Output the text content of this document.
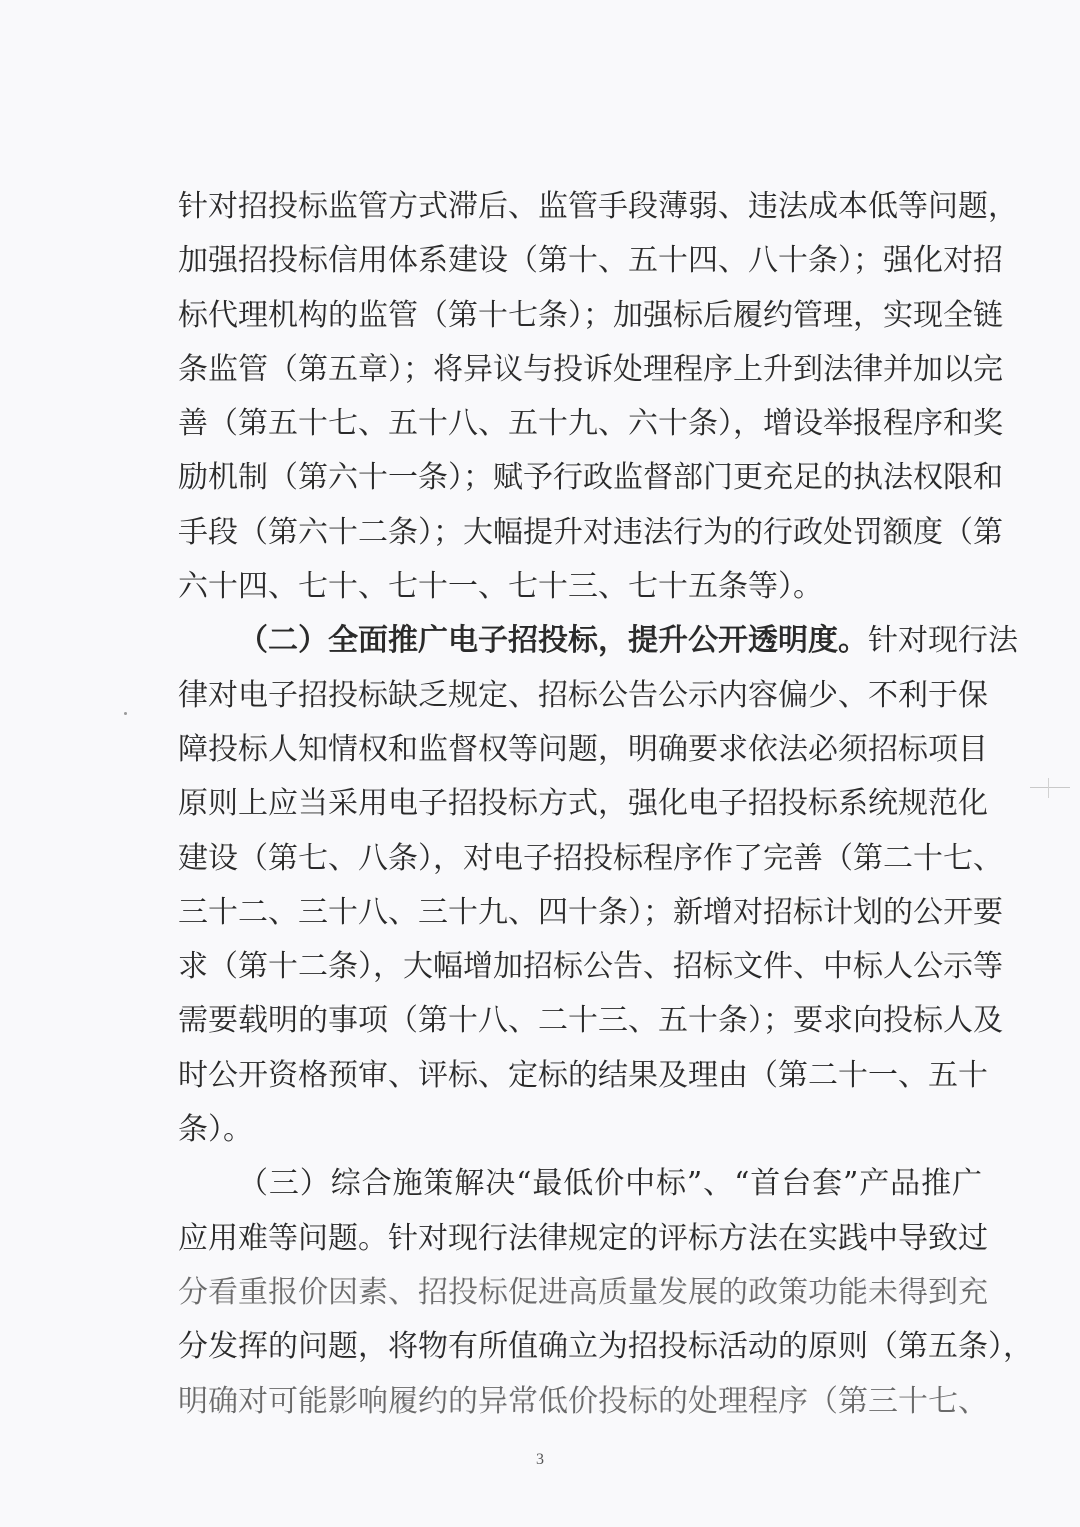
针对招投标监管方式滞后、监管手段薄弱、违法成本低等问题，
加强招投标信用体系建设（第十、五十四、八十条）；强化对招
标代理机构的监管（第十七条）；加强标后履约管理，实现全链
条监管（第五章）；将异议与投诉处理程序上升到法律并加以完
善（第五十七、五十八、五十九、六十条），增设举报程序和奖
励机制（第六十一条）；赋予行政监督部门更充足的执法权限和
手段（第六十二条）；大幅提升对违法行为的行政处罚额度（第
六十四、七十、七十一、七十三、七十五条等）。
（二）全面推广电子招投标，提升公开透明度。针对现行法
律对电子招投标缺乏规定、招标公告公示内容偏少、不利于保
障投标人知情权和监督权等问题，明确要求依法必须招标项目
原则上应当采用电子招投标方式，强化电子招投标系统规范化
建设（第七、八条），对电子招投标程序作了完善（第二十七、
三十二、三十八、三十九、四十条）；新增对招标计划的公开要
求（第十二条），大幅增加招标公告、招标文件、中标人公示等
需要载明的事项（第十八、二十三、五十条）；要求向投标人及
时公开资格预审、评标、定标的结果及理由（第二十一、五十
条）。
（三）综合施策解决“最低价中标”、“首台套”产品推广
应用难等问题。针对现行法律规定的评标方法在实践中导致过
分看重报价因素、招投标促进高质量发展的政策功能未得到充
分发挥的问题，将物有所值确立为招投标活动的原则（第五条），
明确对可能影响履约的异常低价投标的处理程序（第三十七、
3
